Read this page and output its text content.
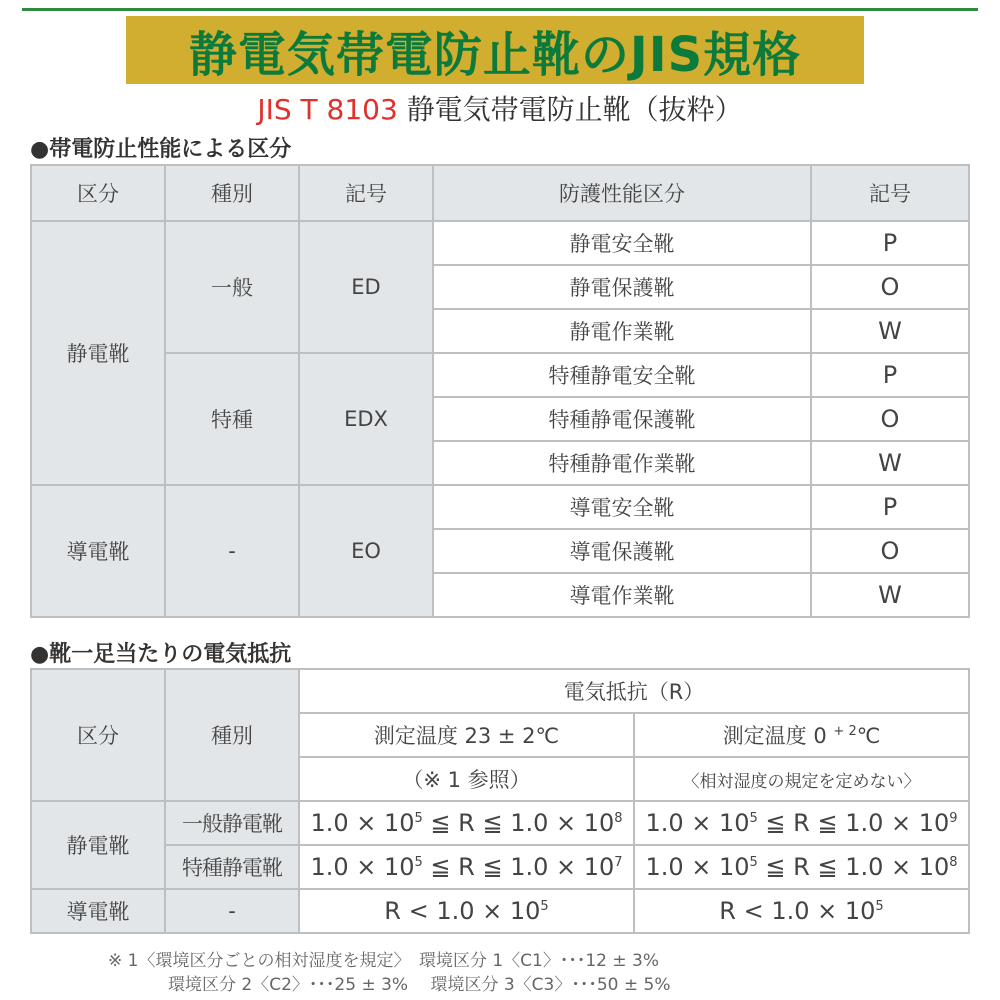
静電気帯電防止靴のJIS規格
JIS T 8103 静電気帯電防止靴（抜粋）
●帯電防止性能による区分
区分	種別	記号	防護性能区分	記号
静電靴	一般	ED	静電安全靴	P
			静電保護靴	O
			静電作業靴	W
	特種	EDX	特種静電安全靴	P
			特種静電保護靴	O
			特種静電作業靴	W
導電靴	-	EO	導電安全靴	P
			導電保護靴	O
			導電作業靴	W
●靴一足当たりの電気抵抗
区分	種別	電気抵抗（R）	
		測定温度 23 ± 2℃	測定温度 0 $^{+ 2}$℃
		（※ 1 参照）	〈相対湿度の規定を定めない〉
静電靴	一般静電靴	$1.0 \times 10^5$ ≦ R ≦ $1.0 \times 10^8$	$1.0 \times 10^5$ ≦ R ≦ $1.0 \times 10^9$
	特種静電靴	$1.0 \times 10^5$ ≦ R ≦ $1.0 \times 10^7$	$1.0 \times 10^5$ ≦ R ≦ $1.0 \times 10^8$
導電靴	-	$R < 1.0 \times 10^5$	$R < 1.0 \times 10^5$
※ 1〈環境区分ごとの相対湿度を規定〉　環境区分 1〈C1〉･･･12 ± 3%
環境区分 2〈C2〉･･･25 ± 3%　 環境区分 3〈C3〉･･･50 ± 5%
